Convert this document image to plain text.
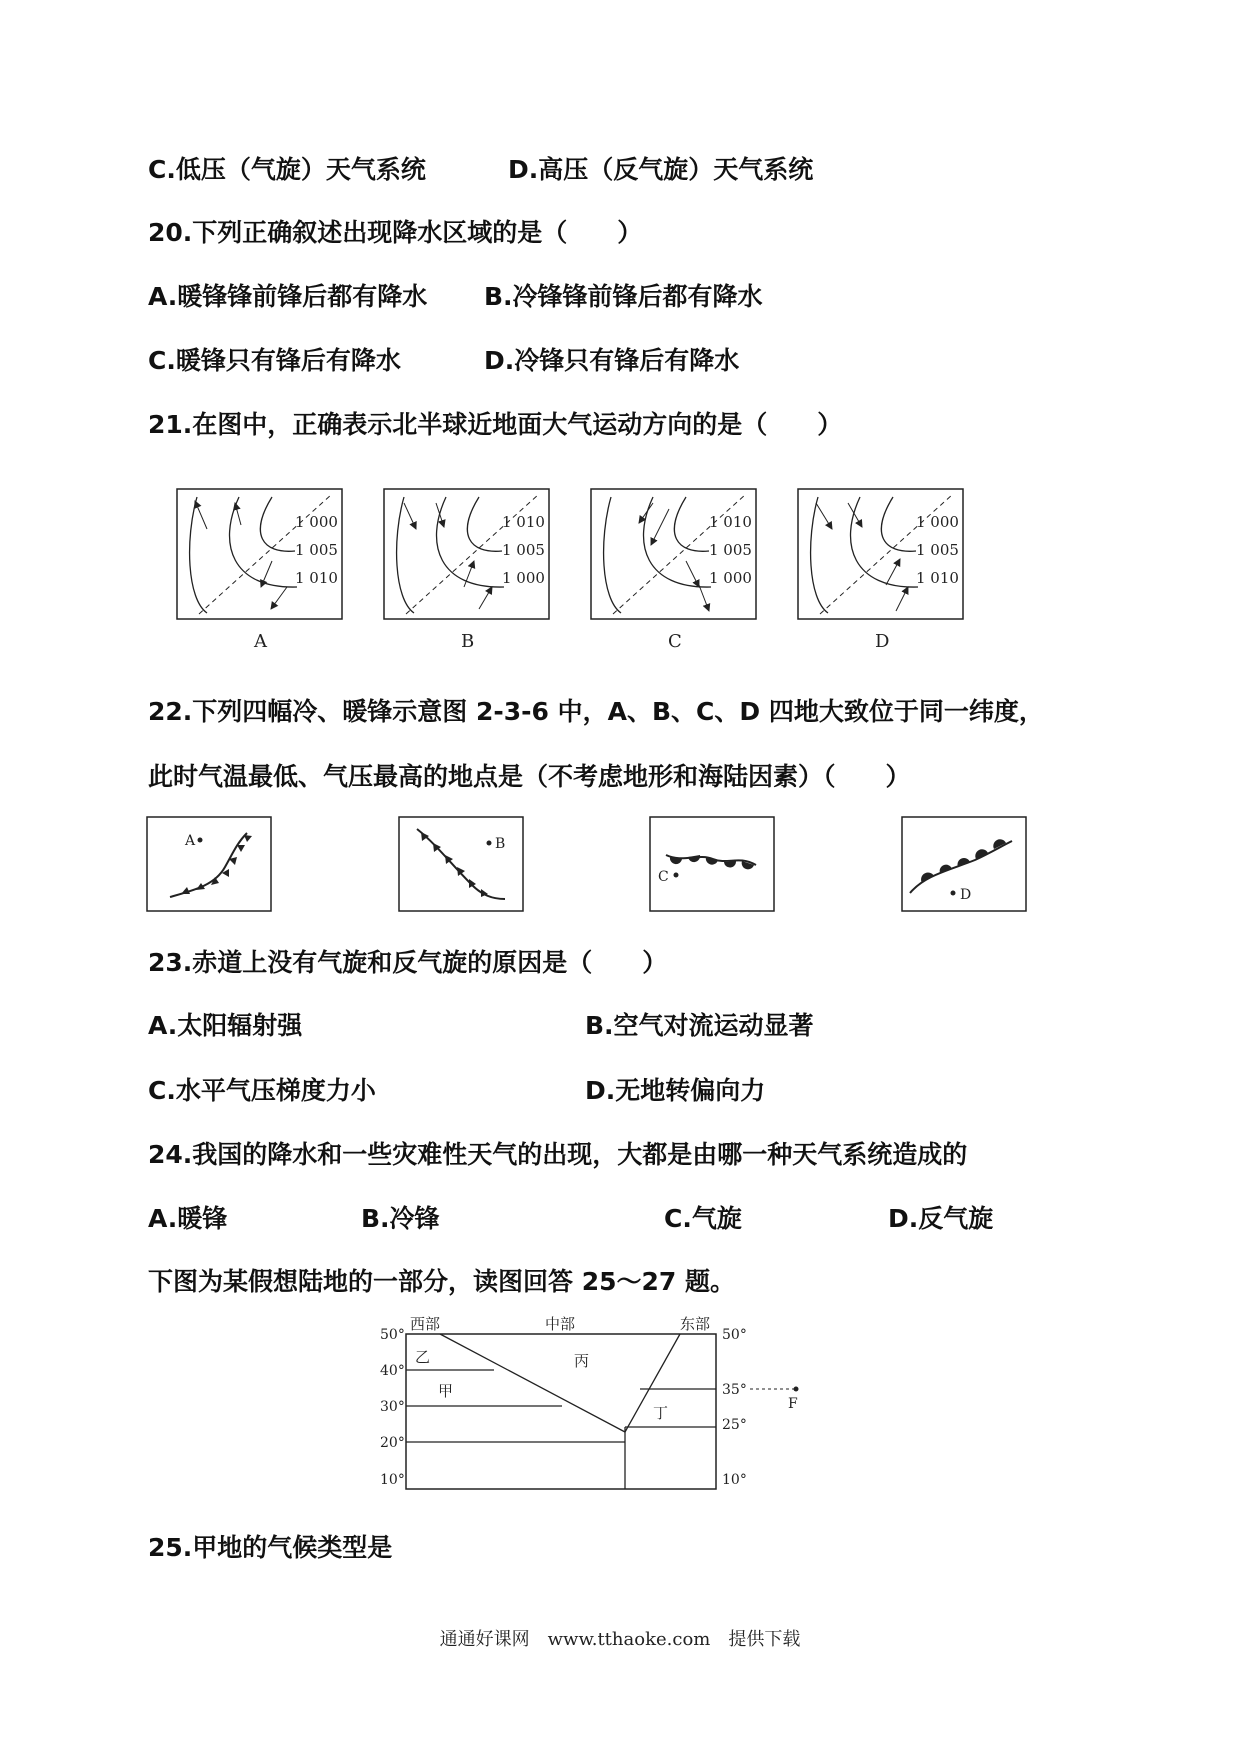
C.低压（气旋）天气系统	D.高压（反气旋）天气系统
20.下列正确叙述出现降水区域的是（　　）
A.暖锋锋前锋后都有降水 B.冷锋锋前锋后都有降水
C.暖锋只有锋后有降水	D.冷锋只有锋后有降水
21.在图中，正确表示北半球近地面大气运动方向的是（　　）
1 000
1 005
1 010
A
1 010
1 005
1 000
B
1 010
1 005
1 000
C
1 000
1 005
1 010
D
22.下列四幅冷、暖锋示意图 2-3-6 中，A、B、C、D 四地大致位于同一纬度，
此时气温最低、气压最高的地点是（不考虑地形和海陆因素）（　　）
A	B
C
D
23.赤道上没有气旋和反气旋的原因是（　　）
A.太阳辐射强	B.空气对流运动显著
C.水平气压梯度力小	D.无地转偏向力
24.我国的降水和一些灾难性天气的出现，大都是由哪一种天气系统造成的
A.暖锋	B.冷锋	C.气旋	D.反气旋
下图为某假想陆地的一部分，读图回答 25～27 题。
西部	中部	东部
50°
40°
30°
20°
10°
50°
35°
25°
10°
乙
甲
丙
丁	F
25.甲地的气候类型是
通通好课网　www.tthaoke.com　提供下载
